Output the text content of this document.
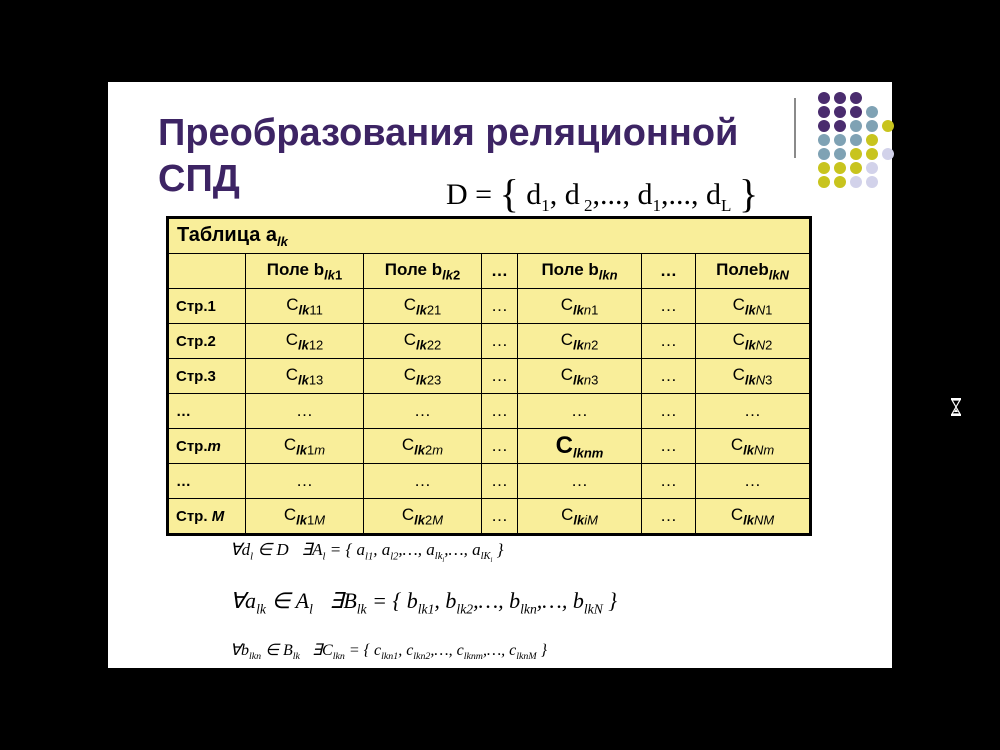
Преобразования реляционной
СПД	D = { $d_1$, d $_2$,..., $d_1$,..., $d_L$ }
Таблица $a_{lk}$
	Поле $b_{lk1}$	Поле $b_{lk2}$	…	Поле $b_{lkn}$	…	Полеb$_{lkN}$
Стр.1	$C_{lk11}$	$C_{lk21}$	…	$C_{lkn1}$	…	$C_{lkN1}$
Стр.2	$C_{lk12}$	$C_{lk22}$	…	$C_{lkn2}$	…	$C_{lkN2}$
Стр.3	$C_{lk13}$	$C_{lk23}$	…	$C_{lkn3}$	…	$C_{lkN3}$
…	…	…	…	…	…	…
Стр.m	$C_{lk1m}$	$C_{lk2m}$	…	$C_{lknm}$	…	$C_{lkNm}$
…	…	…	…	…	…	…
Стр. M	$C_{lk1M}$	$C_{lk2M}$	…	$C_{lkiM}$	…	$C_{lkNM}$
$\forall d_l$ ∈ D   $\exists A_l$ = { $a_{l1}$, $a_{l2},\dots$, $a_{lk_l},\dots$, $a_{lK_l}$ }
$\forall a_{lk}$ ∈ $A_l$   $\exists B_{lk}$ = { $b_{lk1}$, $b_{lk2},\dots$, $b_{lkn},\dots$, $b_{lkN}$ }
$\forall b_{lkn}$ ∈ $B_{lk}$   $\exists C_{lkn}$ = { $c_{lkn1}$, $c_{lkn2},\dots$, $c_{lknm},\dots$, $c_{lknM}$ }
